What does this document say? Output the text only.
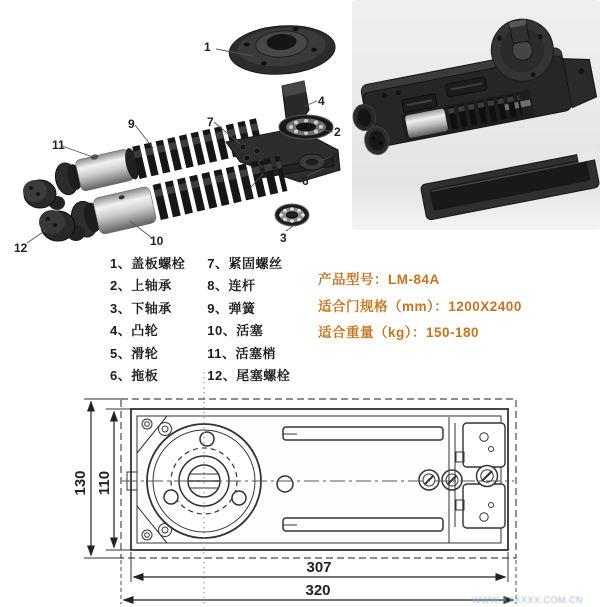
1
2
3
4
5
6
7
8
9
10
11
12
1、盖板螺栓
2、上轴承
3、下轴承
4、凸轮
5、滑轮
6、拖板
7、紧固螺丝
8、连杆
9、弹簧
10、活塞
11、活塞梢
12、尾塞螺栓
产品型号：LM-84A
适合门规格（mm）：1200X2400
适合重量（kg）：150-180
130 110
307
320
WWW.XXXXXX.COM.CN
